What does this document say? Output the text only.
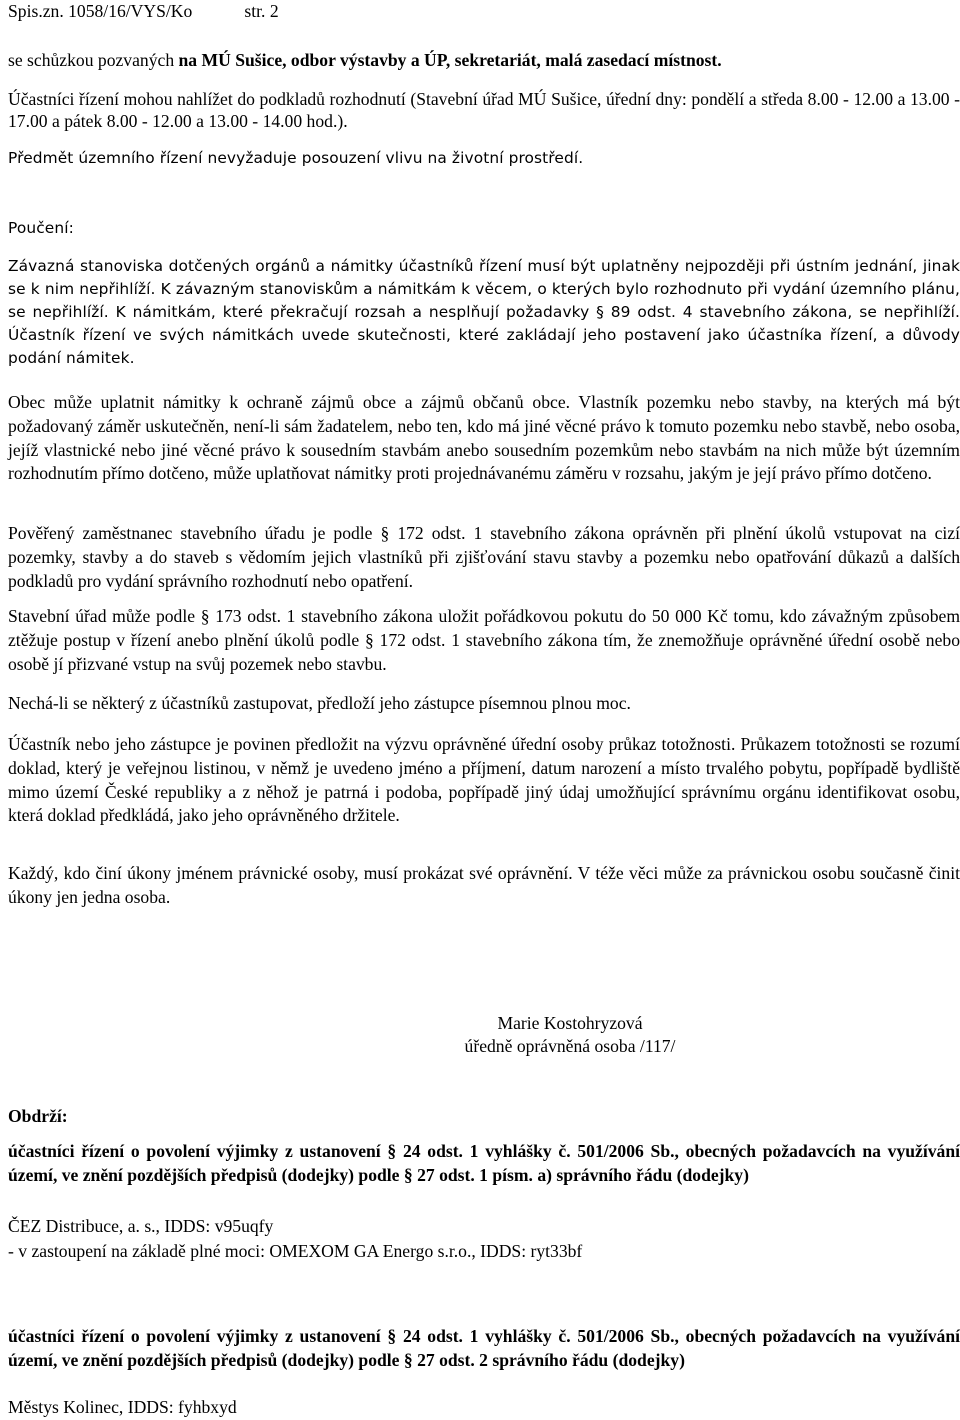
Spis.zn. 1058/16/VYS/Ko	str. 2

se schůzkou pozvaných na MÚ Sušice, odbor výstavby a ÚP, sekretariát, malá zasedací místnost.

Účastníci řízení mohou nahlížet do podkladů rozhodnutí (Stavební úřad MÚ Sušice, úřední dny: pondělí a středa 8.00 - 12.00 a 13.00 - 17.00 a pátek 8.00 - 12.00 a 13.00 - 14.00 hod.).

Předmět územního řízení nevyžaduje posouzení vlivu na životní prostředí.

Poučení:

Závazná stanoviska dotčených orgánů a námitky účastníků řízení musí být uplatněny nejpozději při ústním jednání, jinak se k nim nepřihlíží. K závazným stanoviskům a námitkám k věcem, o kterých bylo rozhodnuto při vydání územního plánu, se nepřihlíží. K námitkám, které překračují rozsah a nesplňují požadavky § 89 odst. 4 stavebního zákona, se nepřihlíží. Účastník řízení ve svých námitkách uvede skutečnosti, které zakládají jeho postavení jako účastníka řízení, a důvody podání námitek.

Obec může uplatnit námitky k ochraně zájmů obce a zájmů občanů obce. Vlastník pozemku nebo stavby, na kterých má být požadovaný záměr uskutečněn, není-li sám žadatelem, nebo ten, kdo má jiné věcné právo k tomuto pozemku nebo stavbě, nebo osoba, jejíž vlastnické nebo jiné věcné právo k sousedním stavbám anebo sousedním pozemkům nebo stavbám na nich může být územním rozhodnutím přímo dotčeno, může uplatňovat námitky proti projednávanému záměru v rozsahu, jakým je její právo přímo dotčeno.

Pověřený zaměstnanec stavebního úřadu je podle § 172 odst. 1 stavebního zákona oprávněn při plnění úkolů vstupovat na cizí pozemky, stavby a do staveb s vědomím jejich vlastníků při zjišťování stavu stavby a pozemku nebo opatřování důkazů a dalších podkladů pro vydání správního rozhodnutí nebo opatření.

Stavební úřad může podle § 173 odst. 1 stavebního zákona uložit pořádkovou pokutu do 50 000 Kč tomu, kdo závažným způsobem ztěžuje postup v řízení anebo plnění úkolů podle § 172 odst. 1 stavebního zákona tím, že znemožňuje oprávněné úřední osobě nebo osobě jí přizvané vstup na svůj pozemek nebo stavbu.

Nechá-li se některý z účastníků zastupovat, předloží jeho zástupce písemnou plnou moc.

Účastník nebo jeho zástupce je povinen předložit na výzvu oprávněné úřední osoby průkaz totožnosti. Průkazem totožnosti se rozumí doklad, který je veřejnou listinou, v němž je uvedeno jméno a příjmení, datum narození a místo trvalého pobytu, popřípadě bydliště mimo území České republiky a z něhož je patrná i podoba, popřípadě jiný údaj umožňující správnímu orgánu identifikovat osobu, která doklad předkládá, jako jeho oprávněného držitele.

Každý, kdo činí úkony jménem právnické osoby, musí prokázat své oprávnění. V téže věci může za právnickou osobu současně činit úkony jen jedna osoba.

Marie Kostohryzová

úředně oprávněná osoba /117/

Obdrží:

účastníci řízení o povolení výjimky z ustanovení § 24 odst. 1 vyhlášky č. 501/2006 Sb., obecných požadavcích na využívání území, ve znění pozdějších předpisů (dodejky) podle § 27 odst. 1 písm. a) správního řádu (dodejky)

ČEZ Distribuce, a. s., IDDS: v95uqfy

- v zastoupení na základě plné moci: OMEXOM GA Energo s.r.o., IDDS: ryt33bf

účastníci řízení o povolení výjimky z ustanovení § 24 odst. 1 vyhlášky č. 501/2006 Sb., obecných požadavcích na využívání území, ve znění pozdějších předpisů (dodejky) podle § 27 odst. 2 správního řádu (dodejky)

Městys Kolinec, IDDS: fyhbxyd
